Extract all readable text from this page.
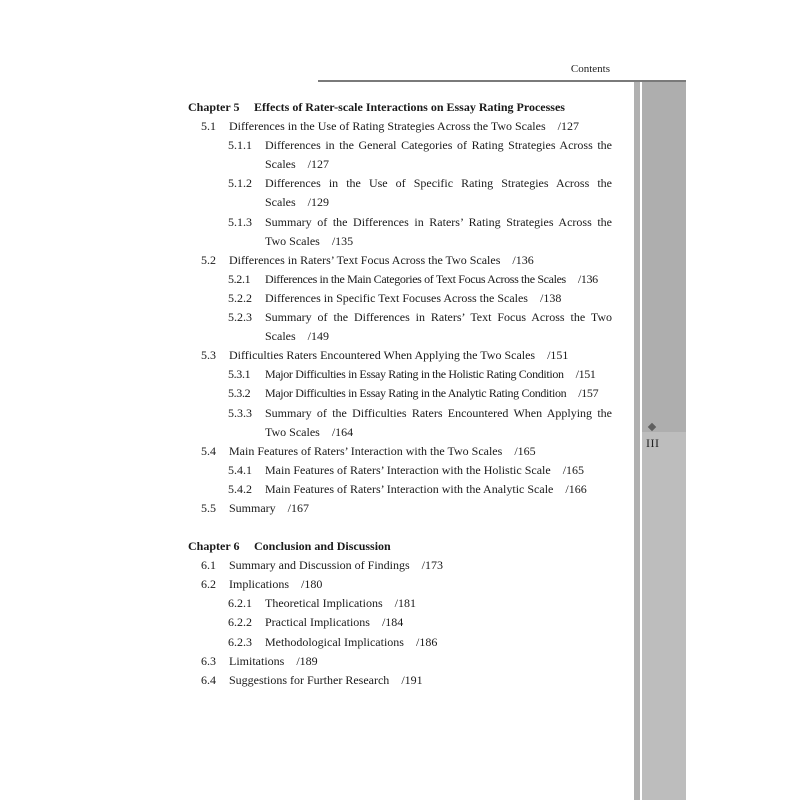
Contents
III
Chapter 5 Effects of Rater-scale Interactions on Essay Rating Processes
5.1	Differences in the Use of Rating Strategies Across the Two Scales /127
5.1.1	Differences in the General Categories of Rating Strategies Across the Scales /127
5.1.2	Differences in the Use of Specific Rating Strategies Across the Scales /129
5.1.3	Summary of the Differences in Raters’ Rating Strategies Across the Two Scales /135
5.2	Differences in Raters’ Text Focus Across the Two Scales /136
5.2.1	Differences in the Main Categories of Text Focus Across the Scales /136
5.2.2	Differences in Specific Text Focuses Across the Scales /138
5.2.3	Summary of the Differences in Raters’ Text Focus Across the Two Scales /149
5.3	Difficulties Raters Encountered When Applying the Two Scales /151
5.3.1	Major Difficulties in Essay Rating in the Holistic Rating Condition /151
5.3.2	Major Difficulties in Essay Rating in the Analytic Rating Condition /157
5.3.3	Summary of the Difficulties Raters Encountered When Applying the Two Scales /164
5.4	Main Features of Raters’ Interaction with the Two Scales /165
5.4.1	Main Features of Raters’ Interaction with the Holistic Scale /165
5.4.2	Main Features of Raters’ Interaction with the Analytic Scale /166
5.5	Summary /167
Chapter 6 Conclusion and Discussion
6.1	Summary and Discussion of Findings /173
6.2	Implications /180
6.2.1	Theoretical Implications /181
6.2.2	Practical Implications /184
6.2.3	Methodological Implications /186
6.3	Limitations /189
6.4	Suggestions for Further Research /191
